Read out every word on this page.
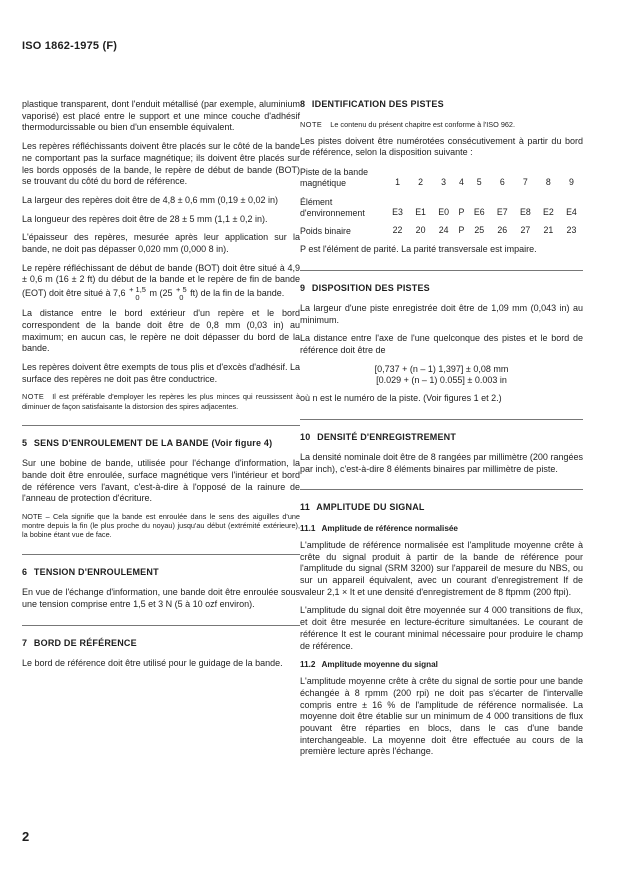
ISO 1862-1975 (F)

plastique transparent, dont l'enduit métallisé (par exemple, aluminium vaporisé) est placé entre le support et une mince couche d'adhésif thermodurcissable ou bien d'un ensemble équivalent.

Les repères réfléchissants doivent être placés sur le côté de la bande ne comportant pas la surface magnétique; ils doivent être placés sur les bords opposés de la bande, le repère de début de bande (BOT) se trouvant du côté du bord de référence.

La largeur des repères doit être de 4,8 ± 0,6 mm (0,19 ± 0,02 in)

La longueur des repères doit être de 28 ± 5 mm (1,1 ± 0,2 in).

L'épaisseur des repères, mesurée après leur application sur la bande, ne doit pas dépasser 0,020 mm (0,000 8 in).

Le repère réfléchissant de début de bande (BOT) doit être situé à 4,9 ± 0,6 m (16 ± 2 ft) du début de la bande et le repère de fin de bande (EOT) doit être situé à 7,6 + 1,5
0	m (25 + 5
0 ft) de la fin de la bande.

La distance entre le bord extérieur d'un repère et le bord correspondent de la bande doit être de 0,8 mm (0,03 in) au maximum; en aucun cas, le repère ne doit dépasser du bord de la bande.

Les repères doivent être exempts de tous plis et d'excès d'adhésif. La surface des repères ne doit pas être conductrice.

NOTE Il est préférable d'employer les repères les plus minces qui reussissent à diminuer de façon satisfaisante la distorsion des spires adjacentes.
5 SENS D'ENROULEMENT DE LA BANDE (Voir figure 4)

Sur une bobine de bande, utilisée pour l'échange d'information, la bande doit être enroulée, surface magnétique vers l'intérieur et bord de référence vers l'avant, c'est-à-dire à l'opposé de la rainure de l'anneau de protection d'écriture.

NOTE – Cela signifie que la bande est enroulée dans le sens des aiguilles d'une montre depuis la fin (le plus proche du noyau) jusqu'au début (extrémité extérieure), la bobine étant vue de face.
6 TENSION D'ENROULEMENT

En vue de l'échange d'information, une bande doit être enroulée sous une tension comprise entre 1,5 et 3 N (5 à 10 ozf environ).

7 BORD DE RÉFÉRENCE

Le bord de référence doit être utilisé pour le guidage de la bande.

8 IDENTIFICATION DES PISTES
NOTE Le contenu du présent chapitre est conforme à l'ISO 962.

Les pistes doivent être numérotées consécutivement à partir du bord de référence, selon la disposition suivante :

Piste de la bande
magnétique	1	2	3	4	5	6	7	8	9
Élément
d'environnement	E3	E1	E0	P	E6	E7	E8	E2	E4
Poids binaire	22	20	24	P	25	26	27	21	23

P est l'élément de parité. La parité transversale est impaire.

9 DISPOSITION DES PISTES

La largeur d'une piste enregistrée doit être de 1,09 mm (0,043 in) au minimum.

La distance entre l'axe de l'une quelconque des pistes et le bord de référence doit être de

[0,737 + (n – 1) 1,397] ± 0,08 mm
[0.029 + (n – 1) 0.055] ± 0.003 in

où n est le numéro de la piste. (Voir figures 1 et 2.)

10 DENSITÉ D'ENREGISTREMENT

La densité nominale doit être de 8 rangées par millimètre (200 rangées par inch), c'est-à-dire 8 éléments binaires par millimètre de piste.

11 AMPLITUDE DU SIGNAL
11.1 Amplitude de référence normalisée

L'amplitude de référence normalisée est l'amplitude moyenne crête à crête du signal produit à partir de la bande de référence pour l'amplitude du signal (SRM 3200) sur l'appareil de mesure du NBS, ou sur un appareil équivalent, avec un courant d'enregistrement If de valeur 2,1 × It et une densité d'enregistrement de 8 ftpmm (200 ftpi).

L'amplitude du signal doit être moyennée sur 4 000 transitions de flux, et doit être mesurée en lecture-écriture simultanées. Le courant de référence It est le courant minimal nécessaire pour produire le champ de référence.

11.2 Amplitude moyenne du signal

L'amplitude moyenne crête à crête du signal de sortie pour une bande échangée à 8 rpmm (200 rpi) ne doit pas s'écarter de l'intervalle compris entre ± 16 % de l'amplitude de référence normalisée. La moyenne doit être établie sur un minimum de 4 000 transitions de flux pouvant être réparties en blocs, dans le cas d'une bande interchangeable. La moyenne doit être effectuée au cours de la première lecture après l'échange.

2
